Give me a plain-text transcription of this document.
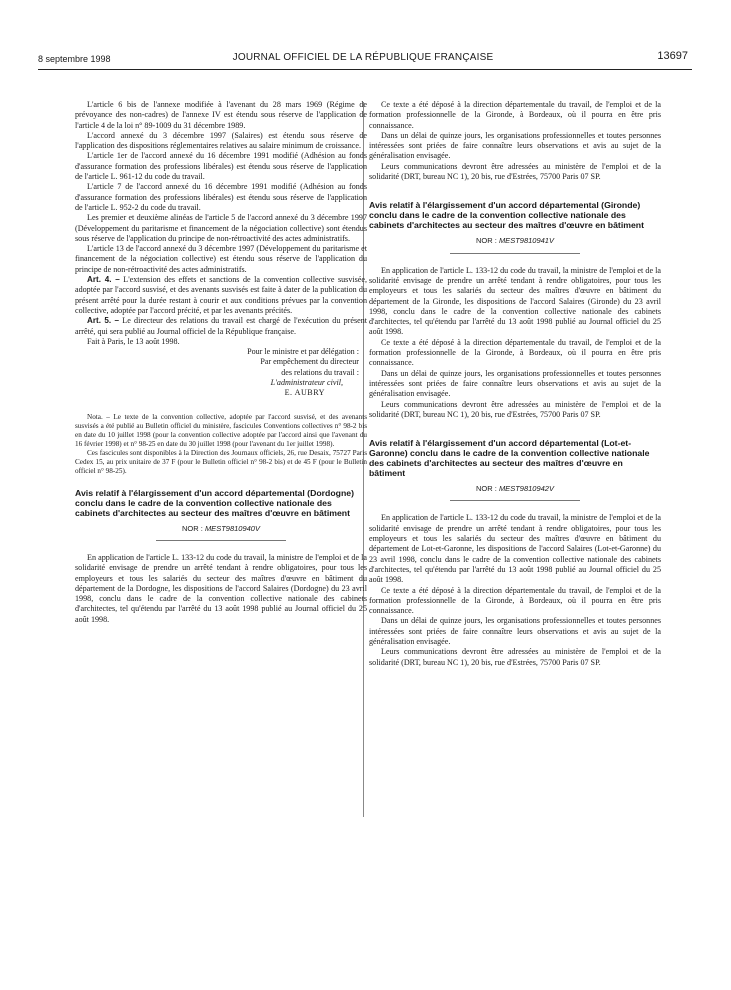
8 septembre 1998	JOURNAL OFFICIEL DE LA RÉPUBLIQUE FRANÇAISE	13697

L'article 6 bis de l'annexe modifiée à l'avenant du 28 mars 1969 (Régime de prévoyance des non-cadres) de l'annexe IV est étendu sous réserve de l'application de l'article 4 de la loi n° 89-1009 du 31 décembre 1989.

L'accord annexé du 3 décembre 1997 (Salaires) est étendu sous réserve de l'application des dispositions réglementaires relatives au salaire minimum de croissance.

L'article 1er de l'accord annexé du 16 décembre 1991 modifié (Adhésion au fonds d'assurance formation des professions libérales) est étendu sous réserve de l'application de l'article L. 961-12 du code du travail.

L'article 7 de l'accord annexé du 16 décembre 1991 modifié (Adhésion au fonds d'assurance formation des professions libérales) est étendu sous réserve de l'application de l'article L. 952-2 du code du travail.

Les premier et deuxième alinéas de l'article 5 de l'accord annexé du 3 décembre 1997 (Développement du paritarisme et financement de la négociation collective) sont étendus sous réserve de l'application du principe de non-rétroactivité des actes administratifs.

L'article 13 de l'accord annexé du 3 décembre 1997 (Développement du paritarisme et financement de la négociation collective) est étendu sous réserve de l'application du principe de non-rétroactivité des actes administratifs.

Art. 4. – L'extension des effets et sanctions de la convention collective susvisée, adoptée par l'accord susvisé, et des avenants susvisés est faite à dater de la publication du présent arrêté pour la durée restant à courir et aux conditions prévues par la convention collective, adoptée par l'accord précité, et par les avenants précités.

Art. 5. – Le directeur des relations du travail est chargé de l'exécution du présent arrêté, qui sera publié au Journal officiel de la République française.

Fait à Paris, le 13 août 1998.

Pour le ministre et par délégation :
Par empêchement du directeur
des relations du travail :
L'administrateur civil,
E. AUBRY

Nota. – Le texte de la convention collective, adoptée par l'accord susvisé, et des avenants susvisés a été publié au Bulletin officiel du ministère, fascicules Conventions collectives n° 98-2 bis en date du 10 juillet 1998 (pour la convention collective adoptée par l'accord ainsi que l'avenant du 16 février 1998) et n° 98-25 en date du 30 juillet 1998 (pour l'avenant du 1er juillet 1998).

Ces fascicules sont disponibles à la Direction des Journaux officiels, 26, rue Desaix, 75727 Paris Cedex 15, au prix unitaire de 37 F (pour le Bulletin officiel n° 98-2 bis) et de 45 F (pour le Bulletin officiel n° 98-25).

Avis relatif à l'élargissement d'un accord départemental (Dordogne) conclu dans le cadre de la convention collective nationale des cabinets d'architectes au secteur des maîtres d'œuvre en bâtiment
NOR : MEST9810940V

En application de l'article L. 133-12 du code du travail, la ministre de l'emploi et de la solidarité envisage de prendre un arrêté tendant à rendre obligatoires, pour tous les employeurs et tous les salariés du secteur des maîtres d'œuvre en bâtiment du département de la Dordogne, les dispositions de l'accord Salaires (Dordogne) du 23 avril 1998, conclu dans le cadre de la convention collective nationale des cabinets d'architectes, tel qu'étendu par l'arrêté du 13 août 1998 publié au Journal officiel du 25 août 1998.

Ce texte a été déposé à la direction départementale du travail, de l'emploi et de la formation professionnelle de la Gironde, à Bordeaux, où il pourra en être pris connaissance.

Dans un délai de quinze jours, les organisations professionnelles et toutes personnes intéressées sont priées de faire connaître leurs observations et avis au sujet de la généralisation envisagée.

Leurs communications devront être adressées au ministère de l'emploi et de la solidarité (DRT, bureau NC 1), 20 bis, rue d'Estrées, 75700 Paris 07 SP.

Avis relatif à l'élargissement d'un accord départemental (Gironde) conclu dans le cadre de la convention collective nationale des cabinets d'architectes au secteur des maîtres d'œuvre en bâtiment
NOR : MEST9810941V

En application de l'article L. 133-12 du code du travail, la ministre de l'emploi et de la solidarité envisage de prendre un arrêté tendant à rendre obligatoires, pour tous les employeurs et tous les salariés du secteur des maîtres d'œuvre en bâtiment du département de la Gironde, les dispositions de l'accord Salaires (Gironde) du 23 avril 1998, conclu dans le cadre de la convention collective nationale des cabinets d'architectes, tel qu'étendu par l'arrêté du 13 août 1998 publié au Journal officiel du 25 août 1998.

Ce texte a été déposé à la direction départementale du travail, de l'emploi et de la formation professionnelle de la Gironde, à Bordeaux, où il pourra en être pris connaissance.

Dans un délai de quinze jours, les organisations professionnelles et toutes personnes intéressées sont priées de faire connaître leurs observations et avis au sujet de la généralisation envisagée.

Leurs communications devront être adressées au ministère de l'emploi et de la solidarité (DRT, bureau NC 1), 20 bis, rue d'Estrées, 75700 Paris 07 SP.

Avis relatif à l'élargissement d'un accord départemental (Lot-et-Garonne) conclu dans le cadre de la convention collective nationale des cabinets d'architectes au secteur des maîtres d'œuvre en bâtiment
NOR : MEST9810942V

En application de l'article L. 133-12 du code du travail, la ministre de l'emploi et de la solidarité envisage de prendre un arrêté tendant à rendre obligatoires, pour tous les employeurs et tous les salariés du secteur des maîtres d'œuvre en bâtiment du département de Lot-et-Garonne, les dispositions de l'accord Salaires (Lot-et-Garonne) du 23 avril 1998, conclu dans le cadre de la convention collective nationale des cabinets d'architectes, tel qu'étendu par l'arrêté du 13 août 1998 publié au Journal officiel du 25 août 1998.

Ce texte a été déposé à la direction départementale du travail, de l'emploi et de la formation professionnelle de la Gironde, à Bordeaux, où il pourra en être pris connaissance.

Dans un délai de quinze jours, les organisations professionnelles et toutes personnes intéressées sont priées de faire connaître leurs observations et avis au sujet de la généralisation envisagée.

Leurs communications devront être adressées au ministère de l'emploi et de la solidarité (DRT, bureau NC 1), 20 bis, rue d'Estrées, 75700 Paris 07 SP.
